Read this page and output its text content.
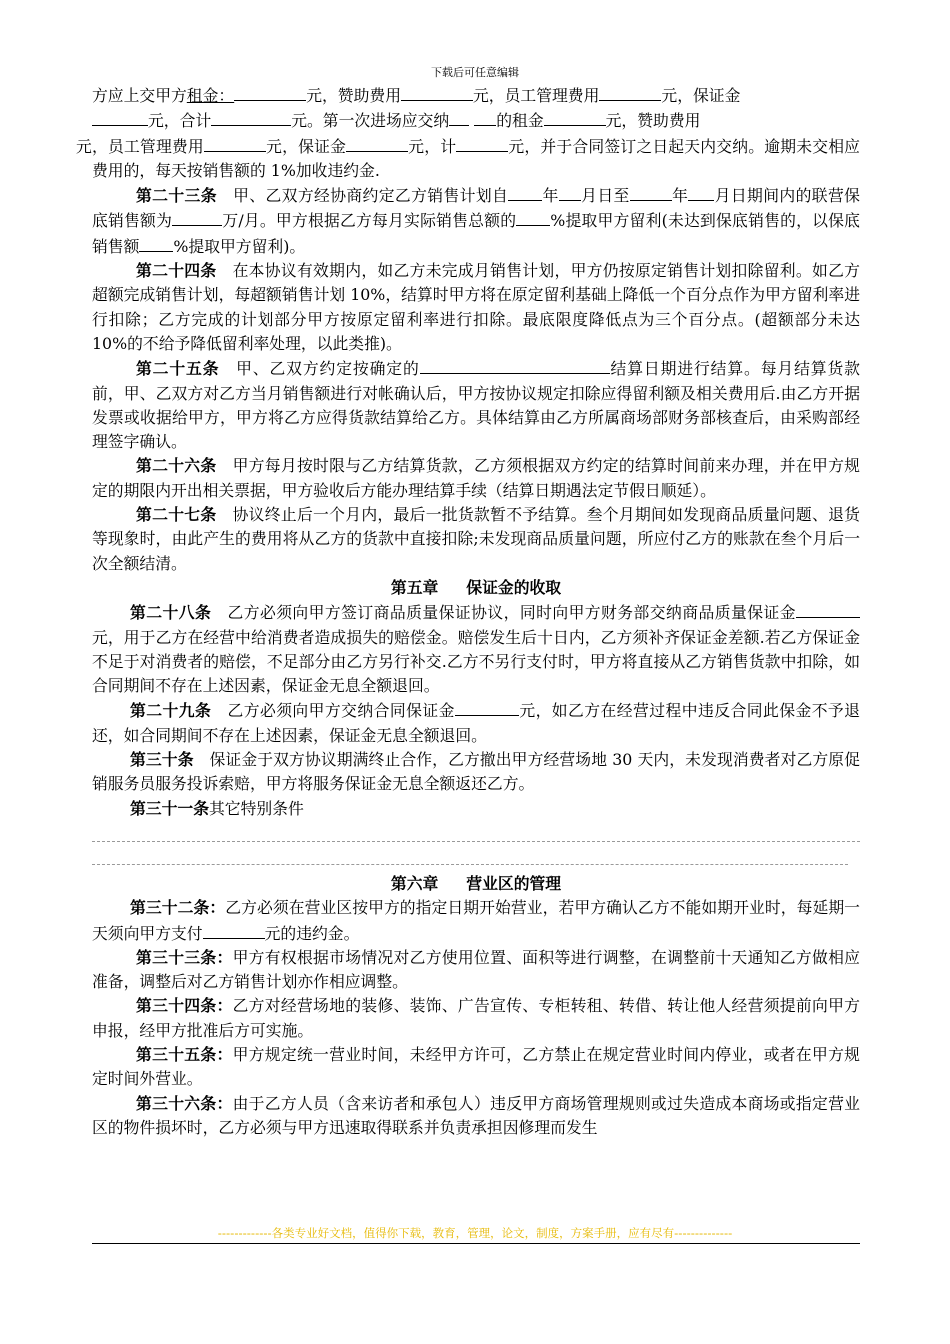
下载后可任意编辑

方应上交甲方租金：	元，赞助费用	元，员工管理费用	元，保证金
元，合计	元。第一次进场应交纳	的租金	元，赞助费用
元，员工管理费用	元，保证金	元，计	元，并于合同签订之日起天内交纳。逾期未交相应费用的，每天按销售额的 1%加收违约金.

第二十三条　甲、乙双方经协商约定乙方销售计划自 年 月日至	年 月日期间内的联营保底销售额为	万/月。甲方根据乙方每月实际销售总额的 %提取甲方留利(未达到保底销售的，以保底销售额 %提取甲方留利)。

第二十四条　在本协议有效期内，如乙方未完成月销售计划，甲方仍按原定销售计划扣除留利。如乙方超额完成销售计划，每超额销售计划 10%，结算时甲方将在原定留利基础上降低一个百分点作为甲方留利率进行扣除；乙方完成的计划部分甲方按原定留利率进行扣除。最底限度降低点为三个百分点。(超额部分未达 10%的不给予降低留利率处理，以此类推)。

第二十五条　甲、乙双方约定按确定的	结算日期进行结算。每月结算货款前，甲、乙双方对乙方当月销售额进行对帐确认后，甲方按协议规定扣除应得留利额及相关费用后.由乙方开据发票或收据给甲方，甲方将乙方应得货款结算给乙方。具体结算由乙方所属商场部财务部核查后，由采购部经理签字确认。

第二十六条　甲方每月按时限与乙方结算货款，乙方须根据双方约定的结算时间前来办理，并在甲方规定的期限内开出相关票据，甲方验收后方能办理结算手续（结算日期遇法定节假日顺延）。

第二十七条　协议终止后一个月内，最后一批货款暂不予结算。叁个月期间如发现商品质量问题、退货等现象时，由此产生的费用将从乙方的货款中直接扣除;未发现商品质量问题，所应付乙方的账款在叁个月后一次全额结清。

第五章 保证金的收取

第二十八条　乙方必须向甲方签订商品质量保证协议，同时向甲方财务部交纳商品质量保证金元，用于乙方在经营中给消费者造成损失的赔偿金。赔偿发生后十日内，乙方须补齐保证金差额.若乙方保证金不足于对消费者的赔偿，不足部分由乙方另行补交.乙方不另行支付时，甲方将直接从乙方销售货款中扣除，如合同期间不存在上述因素，保证金无息全额退回。

第二十九条　乙方必须向甲方交纳合同保证金	元，如乙方在经营过程中违反合同此保金不予退还，如合同期间不存在上述因素，保证金无息全额退回。

第三十条　保证金于双方协议期满终止合作，乙方撤出甲方经营场地 30 天内，未发现消费者对乙方原促销服务员服务投诉索赔，甲方将服务保证金无息全额返还乙方。

第三十一条其它特别条件

第六章 营业区的管理

第三十二条：乙方必须在营业区按甲方的指定日期开始营业，若甲方确认乙方不能如期开业时，每延期一天须向甲方支付	元的违约金。

第三十三条：甲方有权根据市场情况对乙方使用位置、面积等进行调整，在调整前十天通知乙方做相应准备，调整后对乙方销售计划亦作相应调整。

第三十四条：乙方对经营场地的装修、装饰、广告宣传、专柜转租、转借、转让他人经营须提前向甲方申报，经甲方批准后方可实施。

第三十五条：甲方规定统一营业时间，未经甲方许可，乙方禁止在规定营业时间内停业，或者在甲方规定时间外营业。

第三十六条：由于乙方人员（含来访者和承包人）违反甲方商场管理规则或过失造成本商场或指定营业区的物件损坏时，乙方必须与甲方迅速取得联系并负责承担因修理而发生

-------------各类专业好文档，值得你下载，教育，管理，论文，制度，方案手册，应有尽有--------------
